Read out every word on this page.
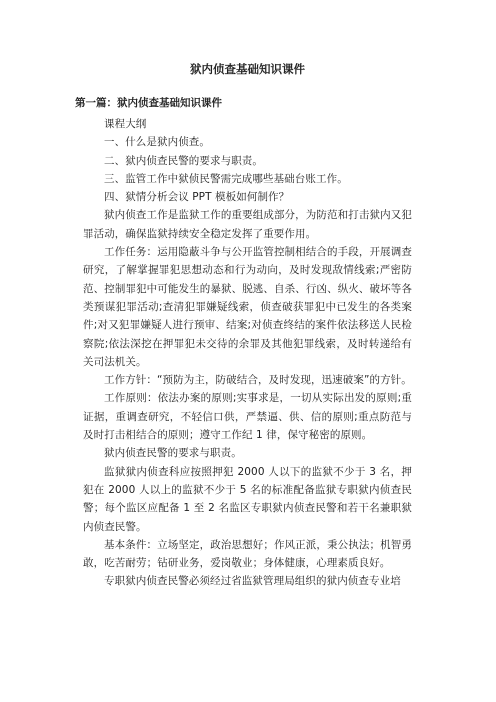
狱内侦查基础知识课件
第一篇：狱内侦查基础知识课件

课程大纲

一、什么是狱内侦查。

二、狱内侦查民警的要求与职责。

三、监管工作中狱侦民警需完成哪些基础台账工作。

四、狱情分析会议 PPT 模板如何制作？

狱内侦查工作是监狱工作的重要组成部分，为防范和打击狱内又犯罪活动，确保监狱持续安全稳定发挥了重要作用。

工作任务：运用隐蔽斗争与公开监管控制相结合的手段，开展调查研究，了解掌握罪犯思想动态和行为动向，及时发现敌情线索;严密防范、控制罪犯中可能发生的暴狱、脱逃、自杀、行凶、纵火、破坏等各类预谋犯罪活动;查清犯罪嫌疑线索，侦查破获罪犯中已发生的各类案件;对又犯罪嫌疑人进行预审、结案;对侦查终结的案件依法移送人民检察院;依法深挖在押罪犯未交待的余罪及其他犯罪线索，及时转递给有关司法机关。

工作方针：“预防为主，防破结合，及时发现，迅速破案”的方针。

工作原则：依法办案的原则;实事求是，一切从实际出发的原则;重证据，重调查研究，不轻信口供，严禁逼、供、信的原则;重点防范与及时打击相结合的原则；遵守工作纪 1 律，保守秘密的原则。

狱内侦查民警的要求与职责。

监狱狱内侦查科应按照押犯 2000 人以下的监狱不少于 3 名，押犯在 2000 人以上的监狱不少于 5 名的标准配备监狱专职狱内侦查民警；每个监区应配备 1 至 2 名监区专职狱内侦查民警和若干名兼职狱内侦查民警。

基本条件：立场坚定，政治思想好；作风正派，秉公执法；机智勇敢，吃苦耐劳；钻研业务，爱岗敬业；身体健康，心理素质良好。

专职狱内侦查民警必须经过省监狱管理局组织的狱内侦查专业培
